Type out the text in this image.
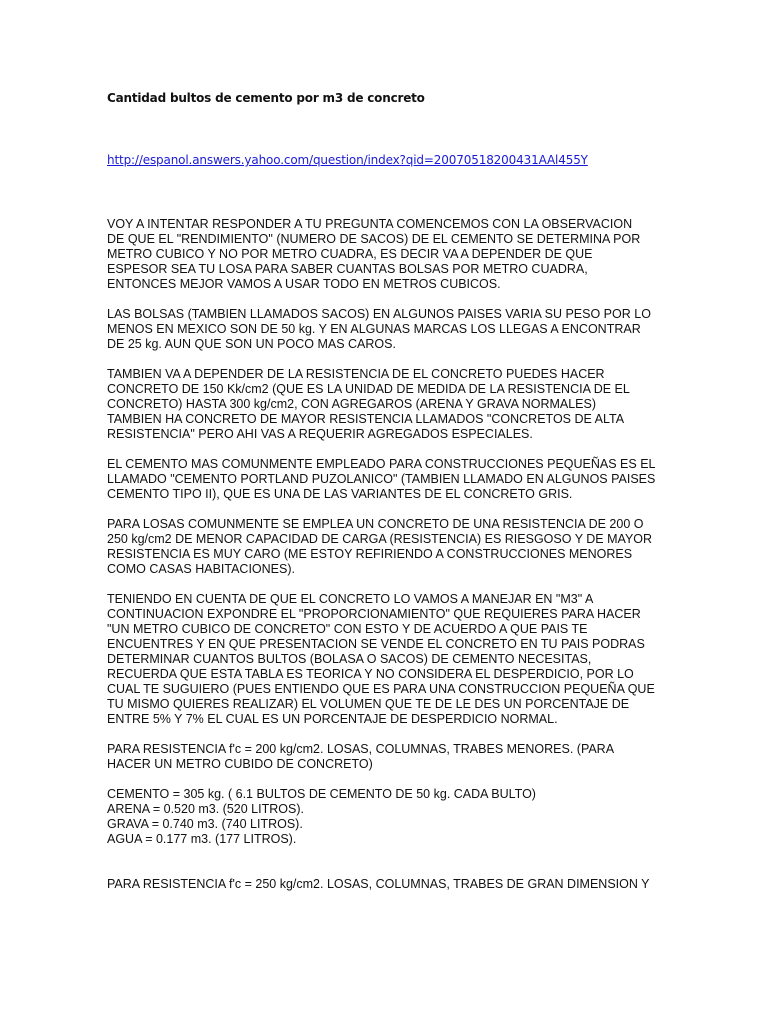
Cantidad bultos de cemento por m3 de concreto
http://espanol.answers.yahoo.com/question/index?qid=20070518200431AAl455Y

VOY A INTENTAR RESPONDER A TU PREGUNTA COMENCEMOS CON LA OBSERVACION
DE QUE EL "RENDIMIENTO" (NUMERO DE SACOS) DE EL CEMENTO SE DETERMINA POR
METRO CUBICO Y NO POR METRO CUADRA, ES DECIR VA A DEPENDER DE QUE
ESPESOR SEA TU LOSA PARA SABER CUANTAS BOLSAS POR METRO CUADRA,
ENTONCES MEJOR VAMOS A USAR TODO EN METROS CUBICOS.

LAS BOLSAS (TAMBIEN LLAMADOS SACOS) EN ALGUNOS PAISES VARIA SU PESO POR LO
MENOS EN MEXICO SON DE 50 kg. Y EN ALGUNAS MARCAS LOS LLEGAS A ENCONTRAR
DE 25 kg. AUN QUE SON UN POCO MAS CAROS.

TAMBIEN VA A DEPENDER DE LA RESISTENCIA DE EL CONCRETO PUEDES HACER
CONCRETO DE 150 Kk/cm2 (QUE ES LA UNIDAD DE MEDIDA DE LA RESISTENCIA DE EL
CONCRETO) HASTA 300 kg/cm2, CON AGREGAROS (ARENA Y GRAVA NORMALES)
TAMBIEN HA CONCRETO DE MAYOR RESISTENCIA LLAMADOS "CONCRETOS DE ALTA
RESISTENCIA" PERO AHI VAS A REQUERIR AGREGADOS ESPECIALES.

EL CEMENTO MAS COMUNMENTE EMPLEADO PARA CONSTRUCCIONES PEQUEÑAS ES EL
LLAMADO "CEMENTO PORTLAND PUZOLANICO" (TAMBIEN LLAMADO EN ALGUNOS PAISES
CEMENTO TIPO II), QUE ES UNA DE LAS VARIANTES DE EL CONCRETO GRIS.

PARA LOSAS COMUNMENTE SE EMPLEA UN CONCRETO DE UNA RESISTENCIA DE 200 O
250 kg/cm2 DE MENOR CAPACIDAD DE CARGA (RESISTENCIA) ES RIESGOSO Y DE MAYOR
RESISTENCIA ES MUY CARO (ME ESTOY REFIRIENDO A CONSTRUCCIONES MENORES
COMO CASAS HABITACIONES).

TENIENDO EN CUENTA DE QUE EL CONCRETO LO VAMOS A MANEJAR EN "M3" A
CONTINUACION EXPONDRE EL "PROPORCIONAMIENTO" QUE REQUIERES PARA HACER
"UN METRO CUBICO DE CONCRETO" CON ESTO Y DE ACUERDO A QUE PAIS TE
ENCUENTRES Y EN QUE PRESENTACION SE VENDE EL CONCRETO EN TU PAIS PODRAS
DETERMINAR CUANTOS BULTOS (BOLASA O SACOS) DE CEMENTO NECESITAS,
RECUERDA QUE ESTA TABLA ES TEORICA Y NO CONSIDERA EL DESPERDICIO, POR LO
CUAL TE SUGUIERO (PUES ENTIENDO QUE ES PARA UNA CONSTRUCCION PEQUEÑA QUE
TU MISMO QUIERES REALIZAR) EL VOLUMEN QUE TE DE LE DES UN PORCENTAJE DE
ENTRE 5% Y 7% EL CUAL ES UN PORCENTAJE DE DESPERDICIO NORMAL.

PARA RESISTENCIA f'c = 200 kg/cm2. LOSAS, COLUMNAS, TRABES MENORES. (PARA
HACER UN METRO CUBIDO DE CONCRETO)

CEMENTO = 305 kg. ( 6.1 BULTOS DE CEMENTO DE 50 kg. CADA BULTO)
ARENA = 0.520 m3. (520 LITROS).
GRAVA = 0.740 m3. (740 LITROS).
AGUA = 0.177 m3. (177 LITROS).

PARA RESISTENCIA f'c = 250 kg/cm2. LOSAS, COLUMNAS, TRABES DE GRAN DIMENSION Y
